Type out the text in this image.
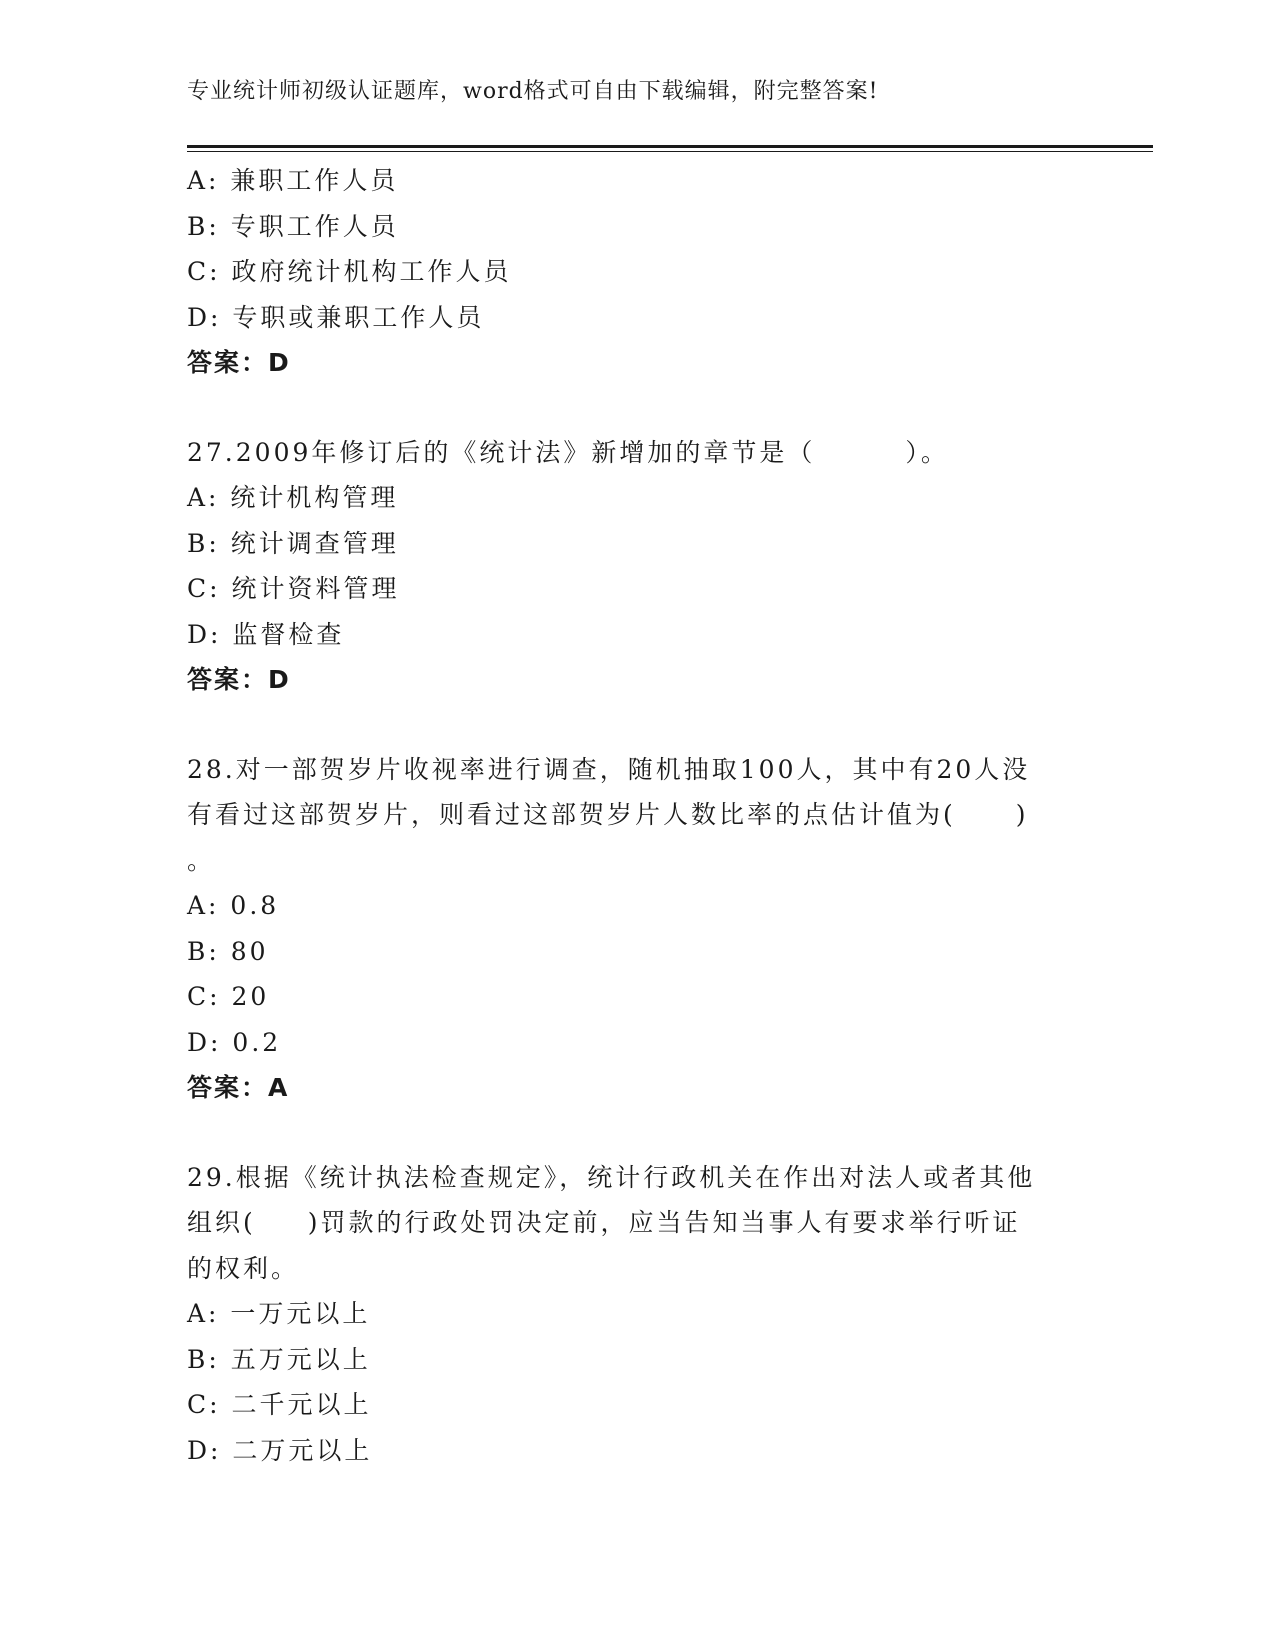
专业统计师初级认证题库，word格式可自由下载编辑，附完整答案!
A: 兼职工作人员
B: 专职工作人员
C: 政府统计机构工作人员
D: 专职或兼职工作人员
答案：D
27.2009年修订后的《统计法》新增加的章节是（	）。
A: 统计机构管理
B: 统计调查管理
C: 统计资料管理
D: 监督检查
答案：D
28.对一部贺岁片收视率进行调查，随机抽取100人，其中有20人没
有看过这部贺岁片，则看过这部贺岁片人数比率的点估计值为( )
。
A: 0.8
B: 80
C: 20
D: 0.2
答案：A
29.根据《统计执法检查规定》，统计行政机关在作出对法人或者其他
组织( )罚款的行政处罚决定前，应当告知当事人有要求举行听证
的权利。
A: 一万元以上
B: 五万元以上
C: 二千元以上
D: 二万元以上
